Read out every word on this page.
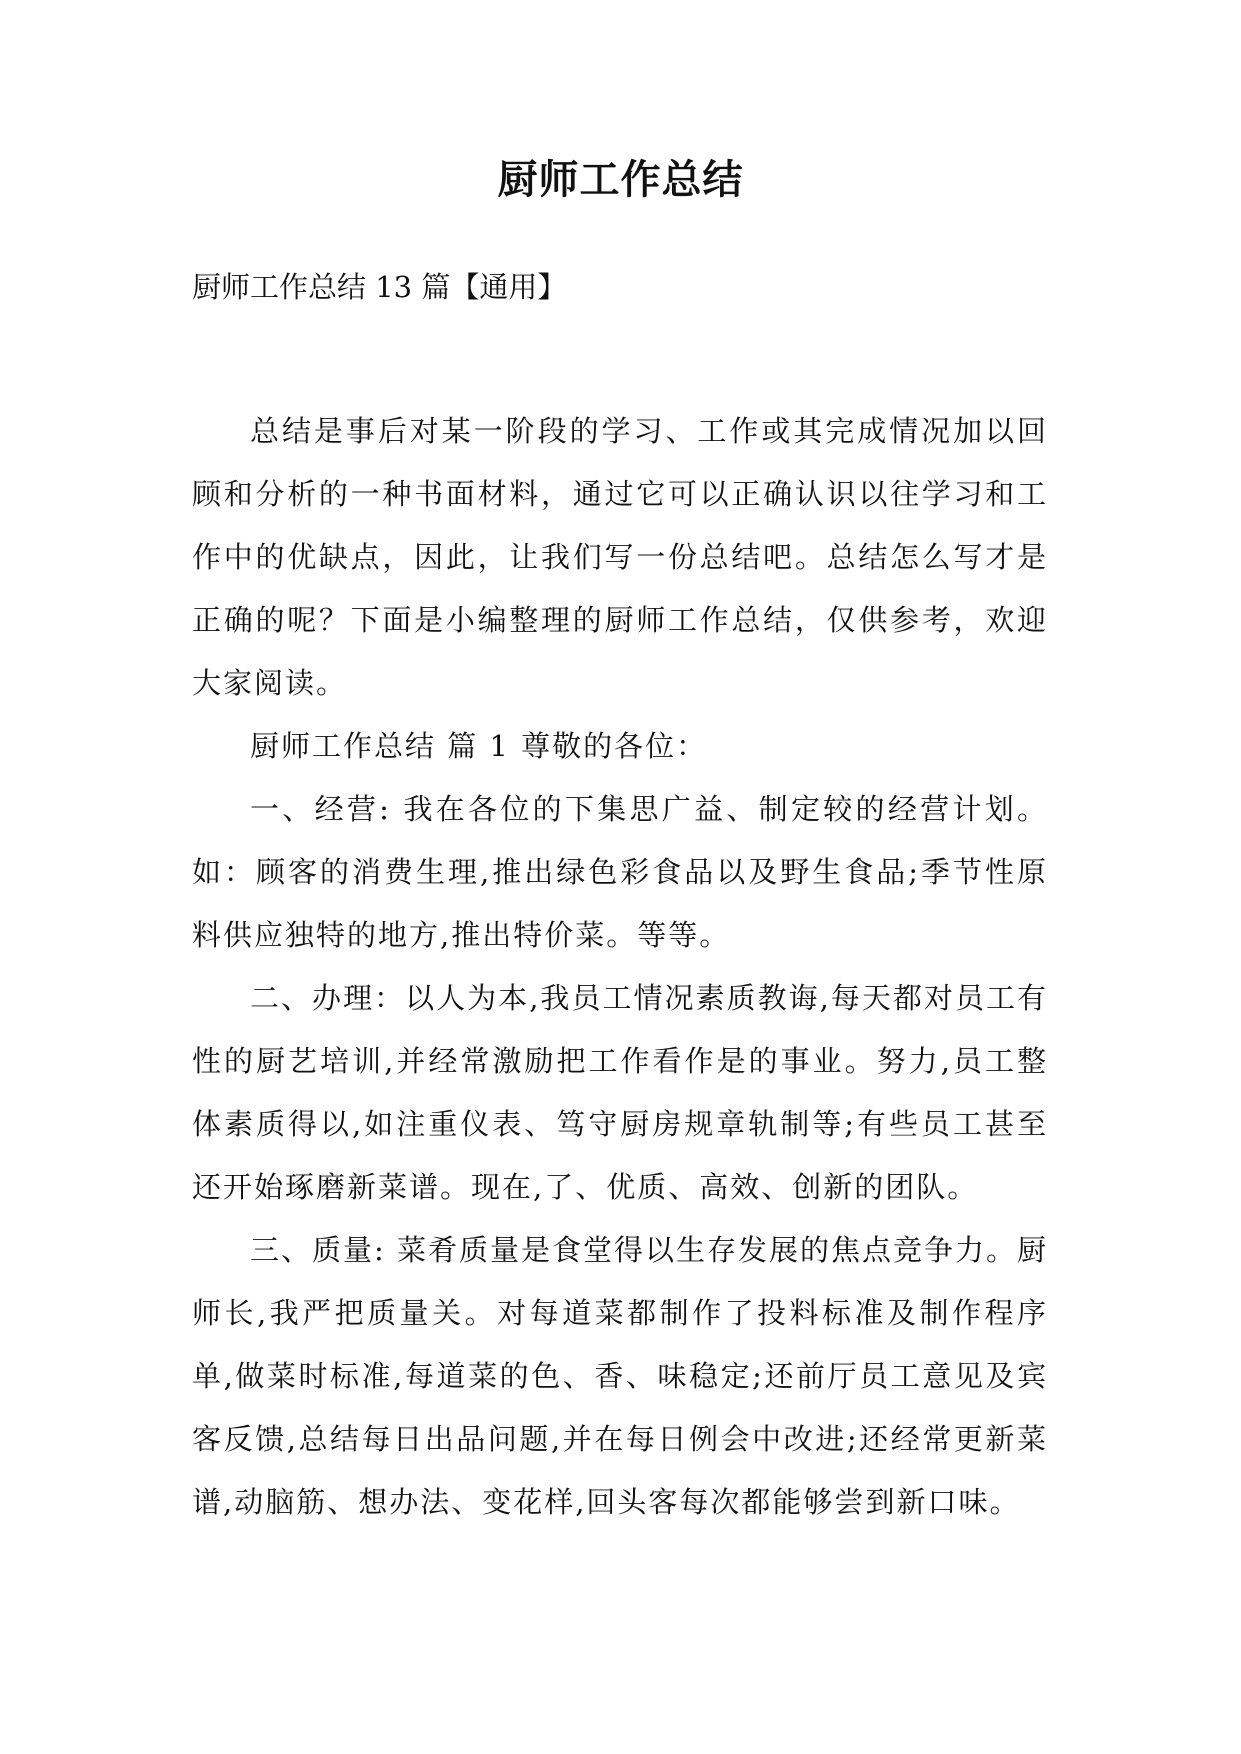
厨师工作总结
厨师工作总结 13 篇【通用】

总结是事后对某一阶段的学习、工作或其完成情况加以回顾和分析的一种书面材料，通过它可以正确认识以往学习和工作中的优缺点，因此，让我们写一份总结吧。总结怎么写才是正确的呢？下面是小编整理的厨师工作总结，仅供参考，欢迎大家阅读。

厨师工作总结 篇 1 尊敬的各位：

一、经营: 我在各位的下集思广益、制定较的经营计划。如：顾客的消费生理,推出绿色彩食品以及野生食品;季节性原料供应独特的地方,推出特价菜。等等。

二、办理：以人为本,我员工情况素质教诲,每天都对员工有性的厨艺培训,并经常激励把工作看作是的事业。努力,员工整体素质得以,如注重仪表、笃守厨房规章轨制等;有些员工甚至还开始琢磨新菜谱。现在,了、优质、高效、创新的团队。

三、质量: 菜肴质量是食堂得以生存发展的焦点竞争力。厨师长,我严把质量关。对每道菜都制作了投料标准及制作程序单,做菜时标准,每道菜的色、香、味稳定;还前厅员工意见及宾客反馈,总结每日出品问题,并在每日例会中改进;还经常更新菜谱,动脑筋、想办法、变花样,回头客每次都能够尝到新口味。
